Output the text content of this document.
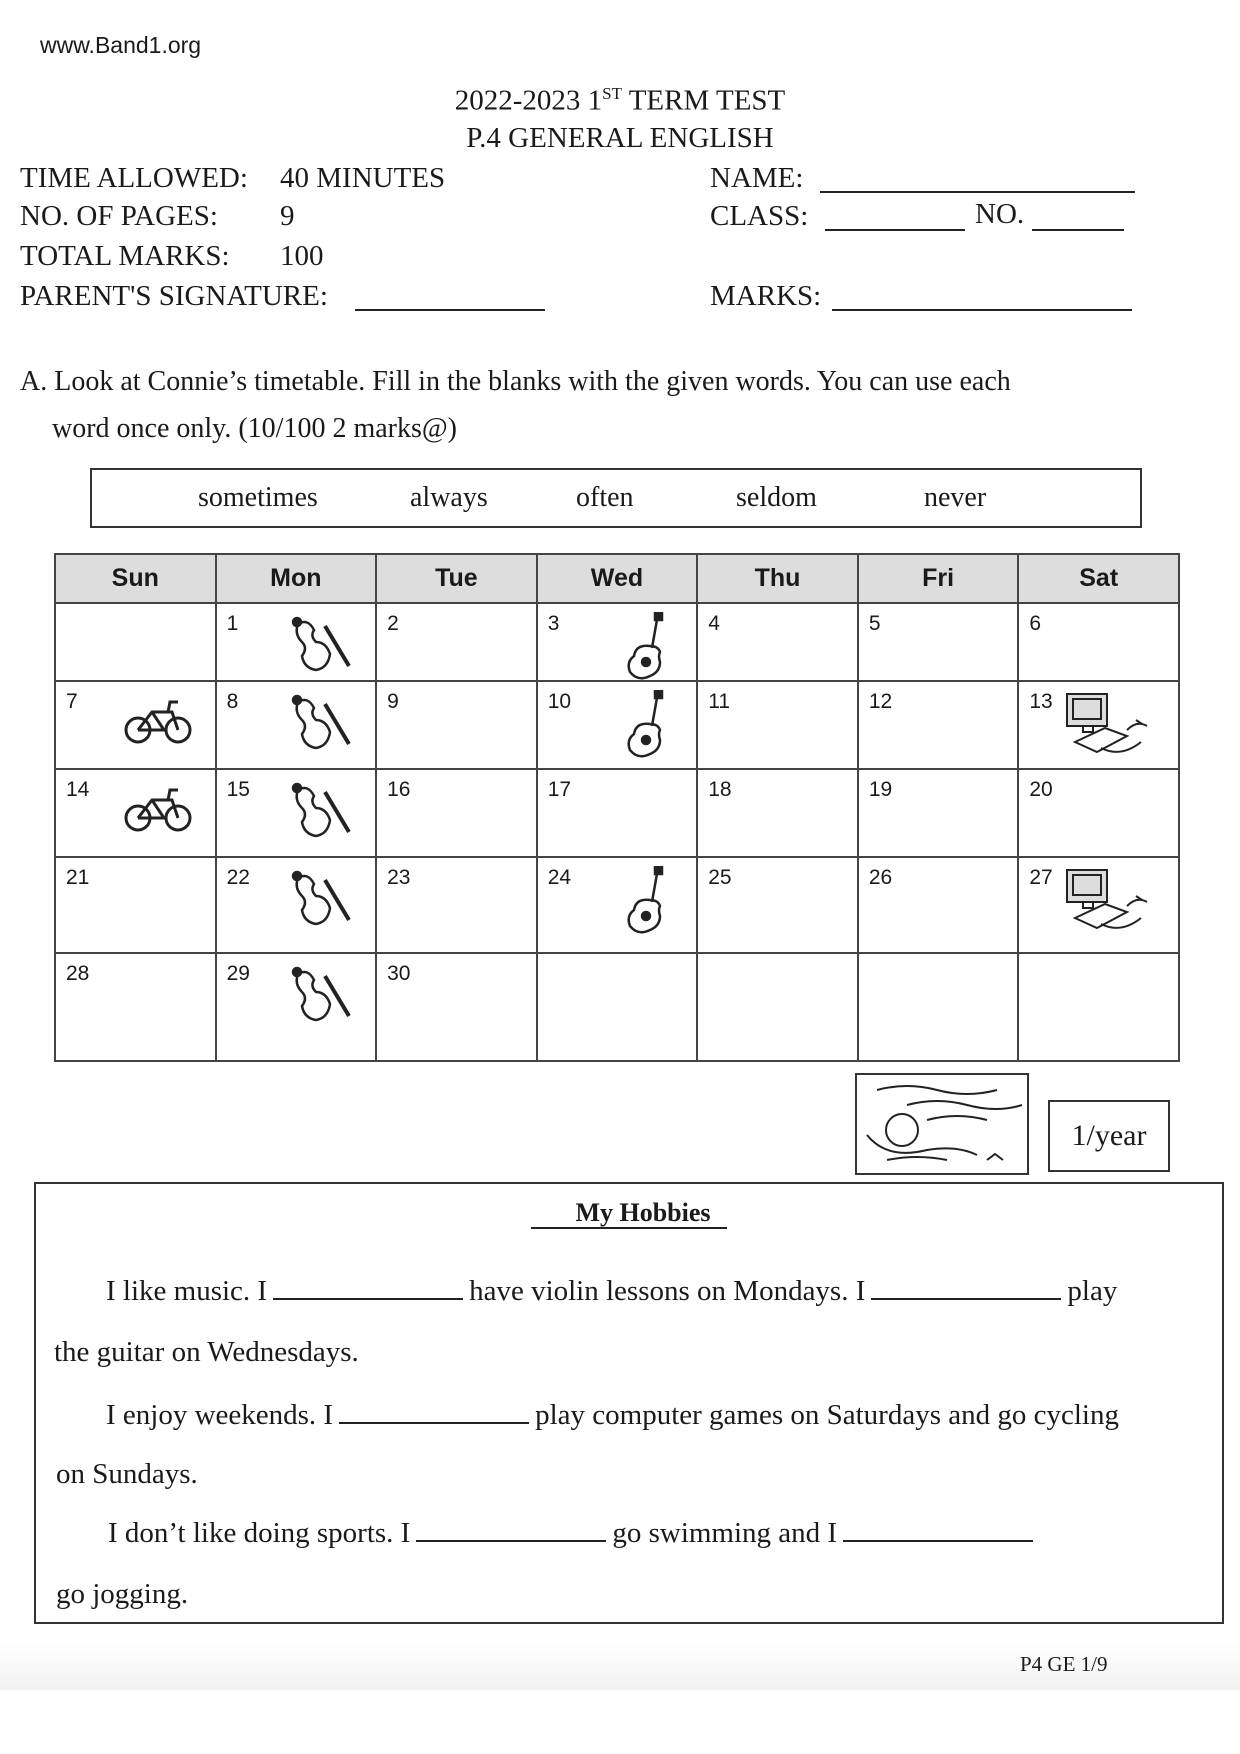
www.Band1.org
2022-2023 1ST TERM TEST
P.4 GENERAL ENGLISH
TIME ALLOWED: 40 MINUTES
NO. OF PAGES: 9
TOTAL MARKS: 100
PARENT'S SIGNATURE:
NAME:
CLASS:	NO.
MARKS:
A. Look at Connie’s timetable. Fill in the blanks with the given words. You can use each
word once only. (10/100 2 marks@)
sometimes	always	often	seldom	never
Sun	Mon	Tue	Wed	Thu	Fri	Sat
	1	2	3	4	5	6
7	8	9	10	11	12	13

14	15	16	17	18	19	20
21	22	23	24	25	26	27

28	29	30				
1/year
My Hobbies
I like music. I	have violin lessons on Mondays. I	play
the guitar on Wednesdays.
I enjoy weekends. I	play computer games on Saturdays and go cycling
on Sundays.
I don’t like doing sports. I	go swimming and I
go jogging.
P4 GE 1/9
